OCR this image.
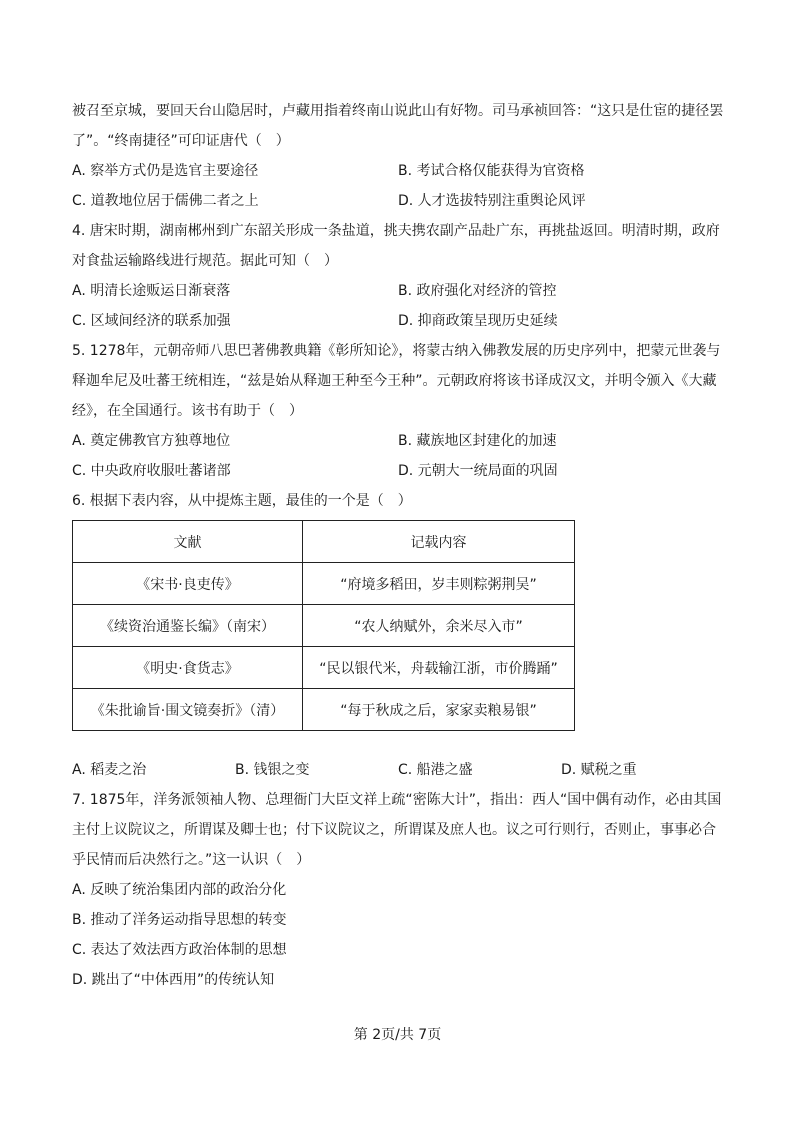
被召至京城，要回天台山隐居时，卢藏用指着终南山说此山有好物。司马承祯回答：“这只是仕宦的捷径罢了”。“终南捷径”可印证唐代（　）

A. 察举方式仍是选官主要途径	B. 考试合格仅能获得为官资格
C. 道教地位居于儒佛二者之上	D. 人才选拔特别注重舆论风评

4. 唐宋时期，湖南郴州到广东韶关形成一条盐道，挑夫携农副产品赴广东，再挑盐返回。明清时期，政府对食盐运输路线进行规范。据此可知（　）

A. 明清长途贩运日渐衰落	B. 政府强化对经济的管控
C. 区域间经济的联系加强	D. 抑商政策呈现历史延续

5. 1278年，元朝帝师八思巴著佛教典籍《彰所知论》，将蒙古纳入佛教发展的历史序列中，把蒙元世袭与释迦牟尼及吐蕃王统相连，“兹是始从释迦王种至今王种”。元朝政府将该书译成汉文，并明令颁入《大藏经》，在全国通行。该书有助于（　）

A. 奠定佛教官方独尊地位	B. 藏族地区封建化的加速
C. 中央政府收服吐蕃诸部	D. 元朝大一统局面的巩固

6. 根据下表内容，从中提炼主题，最佳的一个是（　）

文献	记载内容
《宋书·良吏传》	“府境多稻田，岁丰则粽粥荆吴”
《续资治通鉴长编》（南宋）	“农人纳赋外，余米尽入市”
《明史·食货志》	“民以银代米，舟载输江浙，市价腾踊”
《朱批谕旨·围文镜奏折》（清）	“每于秋成之后，家家卖粮易银”
A. 稻麦之治	B. 钱银之变	C. 船港之盛	D. 赋税之重

7. 1875年，洋务派领袖人物、总理衙门大臣文祥上疏“密陈大计”，指出：西人“国中偶有动作，必由其国主付上议院议之，所谓谋及卿士也；付下议院议之，所谓谋及庶人也。议之可行则行，否则止，事事必合乎民情而后决然行之。”这一认识（　）

A. 反映了统治集团内部的政治分化
B. 推动了洋务运动指导思想的转变
C. 表达了效法西方政治体制的思想
D. 跳出了“中体西用”的传统认知
第 2页/共 7页
